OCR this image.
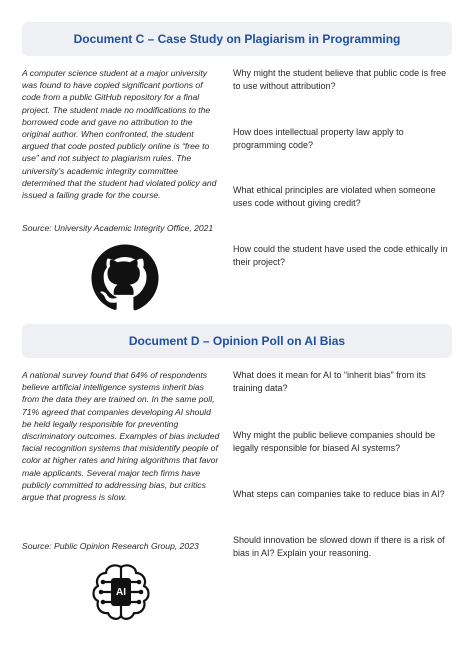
Document C – Case Study on Plagiarism in Programming
A computer science student at a major university was found to have copied significant portions of code from a public GitHub repository for a final project. The student made no modifications to the borrowed code and gave no attribution to the original author. When confronted, the student argued that code posted publicly online is “free to use” and not subject to plagiarism rules. The university’s academic integrity committee determined that the student had violated policy and issued a failing grade for the course.
Source: University Academic Integrity Office, 2021
Why might the student believe that public code is free to use without attribution?
How does intellectual property law apply to programming code?
What ethical principles are violated when someone uses code without giving credit?
How could the student have used the code ethically in their project?
Document D – Opinion Poll on AI Bias
A national survey found that 64% of respondents believe artificial intelligence systems inherit bias from the data they are trained on. In the same poll, 71% agreed that companies developing AI should be held legally responsible for preventing discriminatory outcomes. Examples of bias included facial recognition systems that misidentify people of color at higher rates and hiring algorithms that favor male applicants. Several major tech firms have publicly committed to addressing bias, but critics argue that progress is slow.
Source: Public Opinion Research Group, 2023
What does it mean for AI to “inherit bias” from its training data?
Why might the public believe companies should be legally responsible for biased AI systems?
What steps can companies take to reduce bias in AI?
Should innovation be slowed down if there is a risk of bias in AI? Explain your reasoning.
AI
